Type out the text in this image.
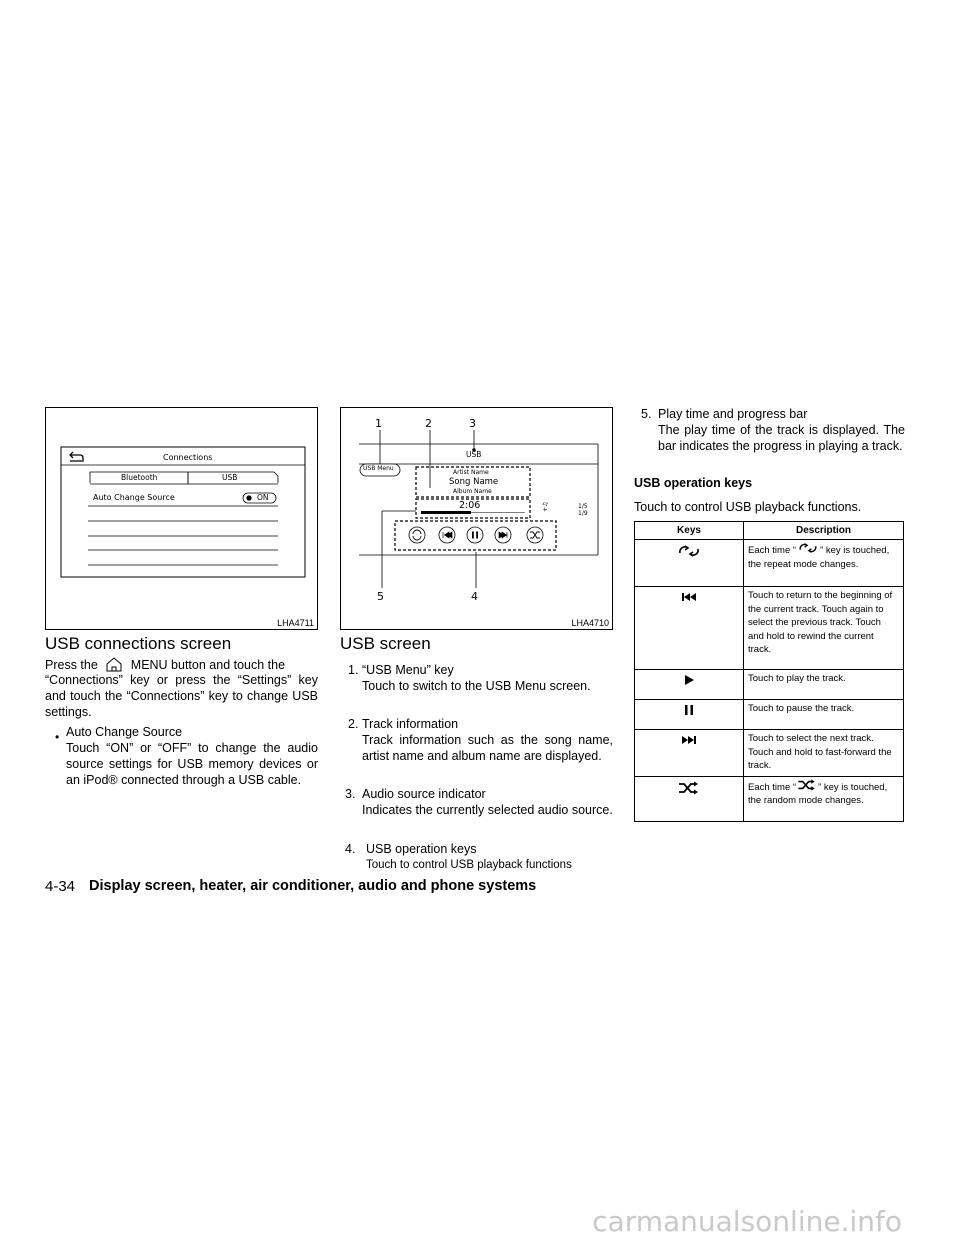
Connections
Bluetooth	USB
Auto Change Source	ON
LHA4711
+♫
1	2	3
5	4
USB
USB Menu
Artist Name
Song Name
Album Name
2:06	1/5
1/9
LHA4710
USB connections screen
Press the	MENU button and touch the
“Connections” key or press the “Settings” key and touch the “Connections” key to change USB settings.
• Auto Change Source
Touch “ON” or “OFF” to change the audio source settings for USB memory devices or an iPod® connected through a USB cable.
USB screen
1. “USB Menu” key
Touch to switch to the USB Menu screen.
2. Track information
Track information such as the song name, artist name and album name are displayed.
3. Audio source indicator
Indicates the currently selected audio source.
4. USB operation keys
Touch to control USB playback functions
5. Play time and progress bar
The play time of the track is displayed. The bar indicates the progress in playing a track.
USB operation keys
Touch to control USB playback functions.
Keys	Description
	Each time “ ” key is touched, the repeat mode changes.
	Touch to return to the beginning of the current track. Touch again to select the previous track. Touch and hold to rewind the current track.
	Touch to play the track.
	Touch to pause the track.
	Touch to select the next track. Touch and hold to fast-forward the track.
	Each time “ ” key is touched, the random mode changes.
4-34 Display screen, heater, air conditioner, audio and phone systems
carmanualsonline.info
